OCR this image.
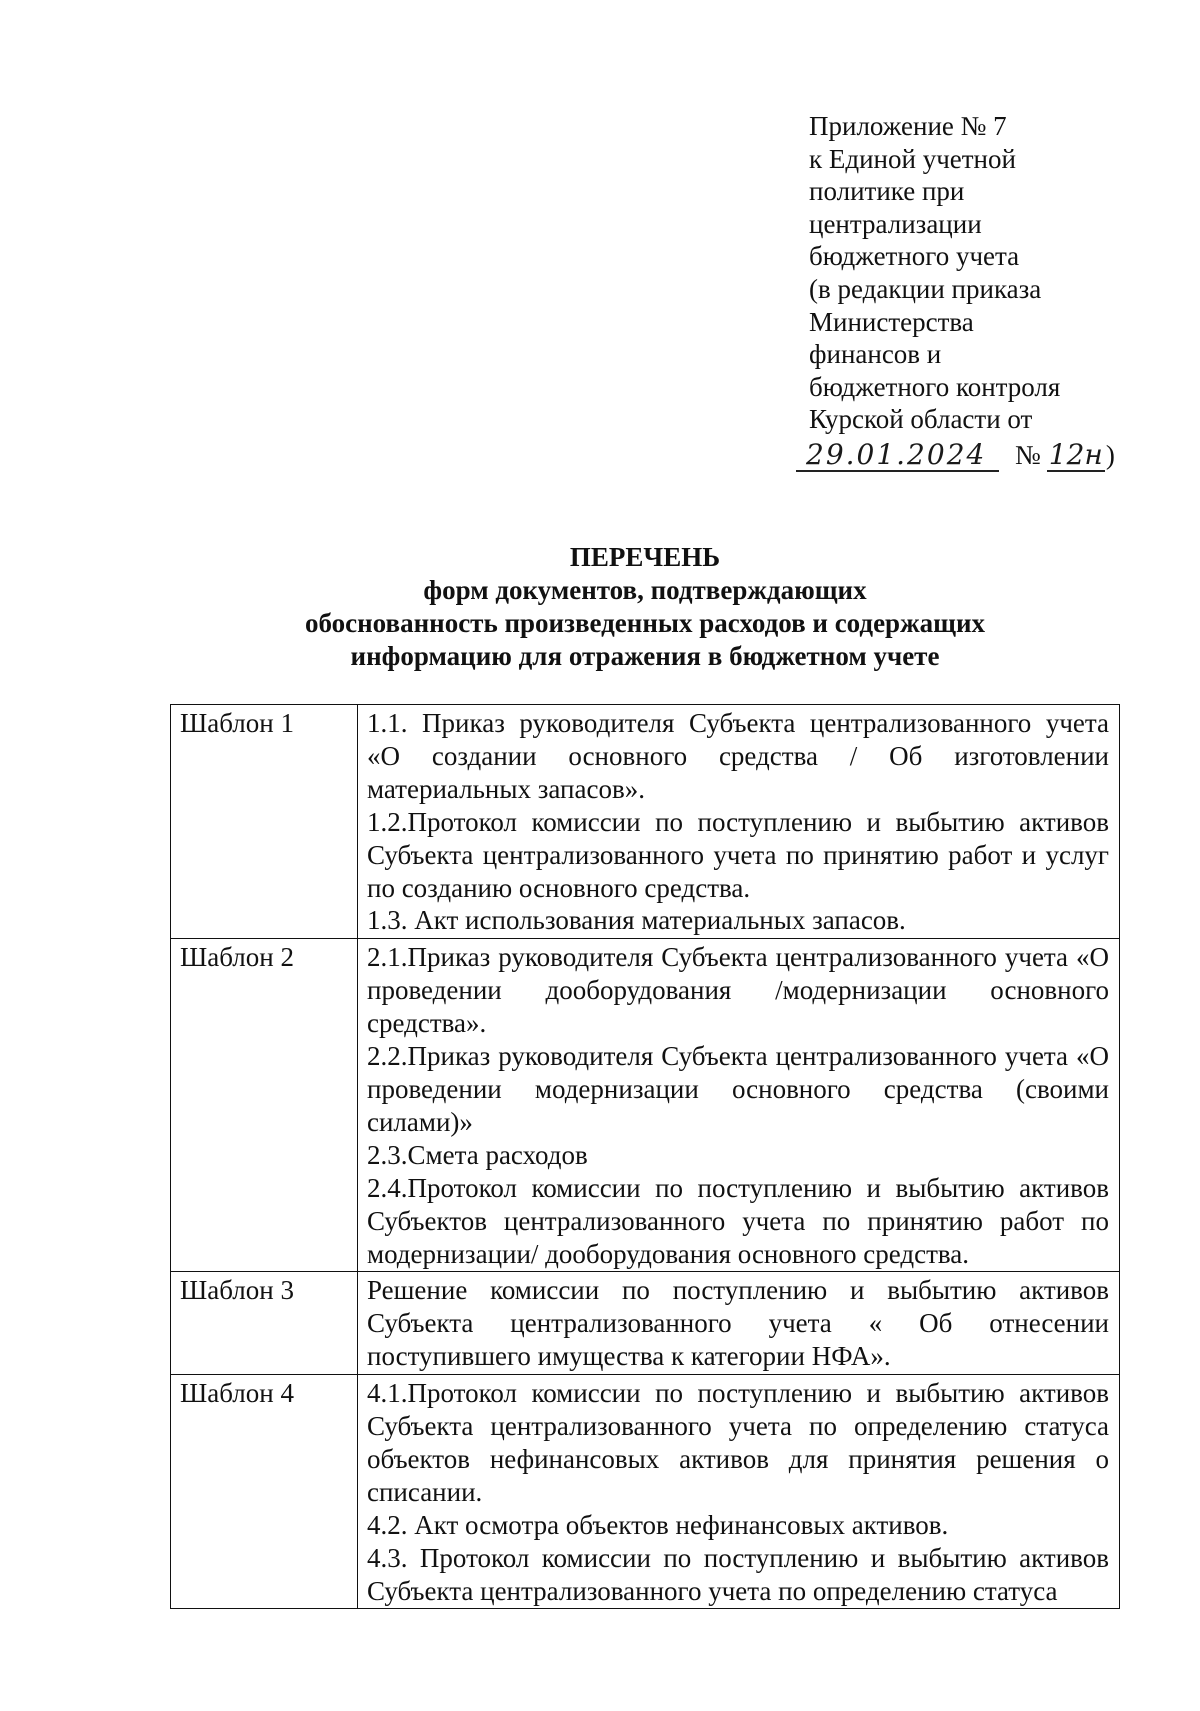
Приложение № 7
к Единой учетной
политике при
централизации
бюджетного учета
(в редакции приказа
Министерства
финансов и
бюджетного контроля
Курской области от
29.01.2024	№ 12н )
ПЕРЕЧЕНЬ
форм документов, подтверждающих
обоснованность произведенных расходов и содержащих
информацию для отражения в бюджетном учете
Шаблон 1	1.1. Приказ руководителя Субъекта централизованного учета «О создании основного средства / Об изготовлении материальных запасов».
1.2.Протокол комиссии по поступлению и выбытию активов Субъекта централизованного учета по принятию работ и услуг по созданию основного средства.
1.3. Акт использования материальных запасов.

Шаблон 2	2.1.Приказ руководителя Субъекта централизованного учета «О проведении дооборудования /модернизации основного средства».
2.2.Приказ руководителя Субъекта централизованного учета «О проведении модернизации основного средства (своими силами)»
2.3.Смета расходов
2.4.Протокол комиссии по поступлению и выбытию активов Субъектов централизованного учета по принятию работ по модернизации/ дооборудования основного средства.

Шаблон 3	Решение комиссии по поступлению и выбытию активов Субъекта централизованного учета « Об отнесении поступившего имущества к категории НФА».

Шаблон 4	4.1.Протокол комиссии по поступлению и выбытию активов Субъекта централизованного учета по определению статуса объектов нефинансовых активов для принятия решения о списании.
4.2. Акт осмотра объектов нефинансовых активов.
4.3. Протокол комиссии по поступлению и выбытию активов Субъекта централизованного учета по определению статуса
